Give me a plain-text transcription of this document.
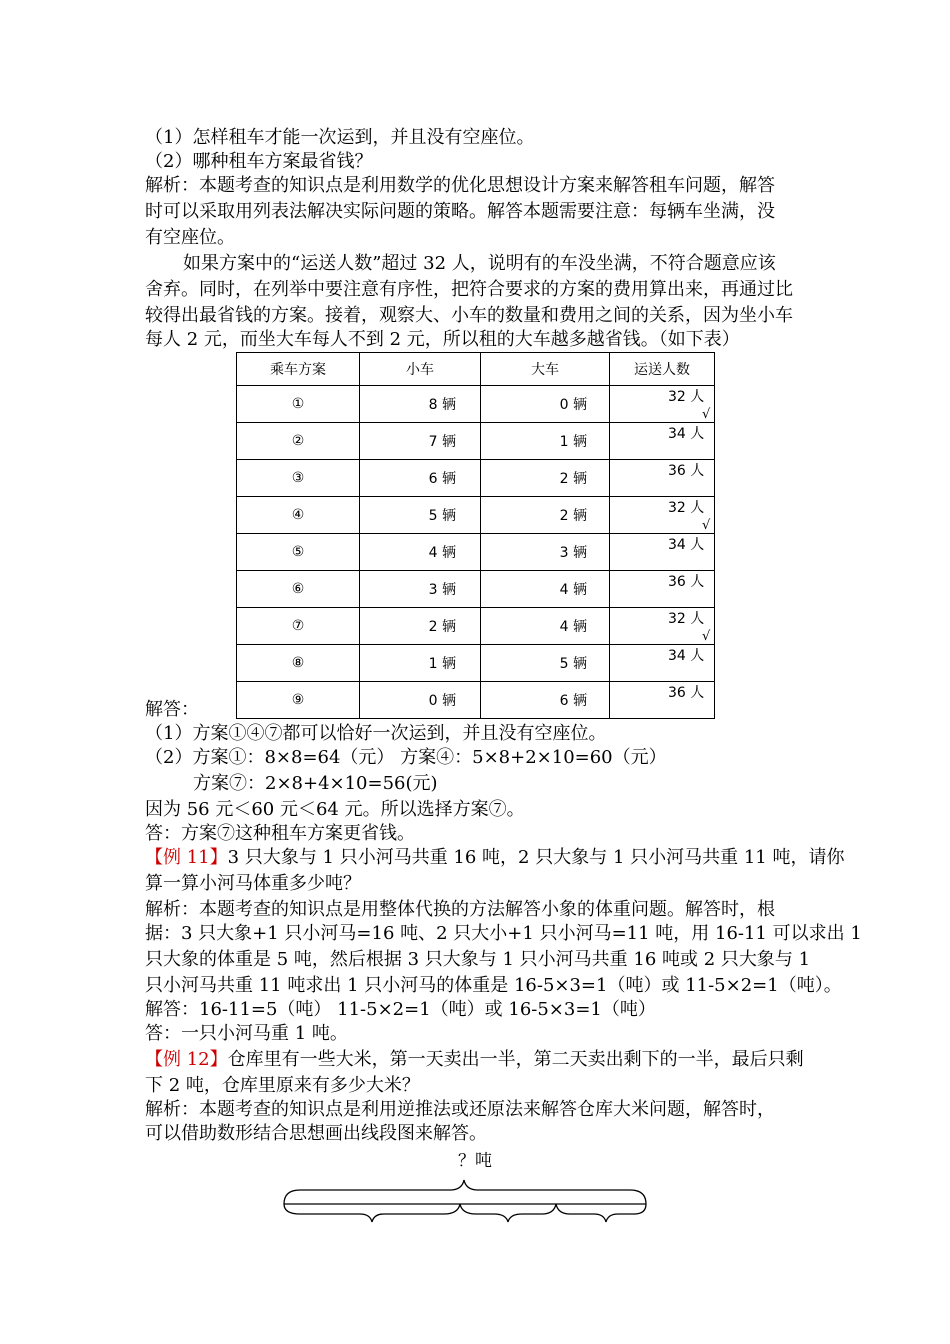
（1）怎样租车才能一次运到，并且没有空座位。
（2）哪种租车方案最省钱？
解析：本题考查的知识点是利用数学的优化思想设计方案来解答租车问题，解答
时可以采取用列表法解决实际问题的策略。解答本题需要注意：每辆车坐满，没
有空座位。
如果方案中的“运送人数”超过 32 人，说明有的车没坐满，不符合题意应该
舍弃。同时，在列举中要注意有序性，把符合要求的方案的费用算出来，再通过比
较得出最省钱的方案。接着，观察大、小车的数量和费用之间的关系，因为坐小车
每人 2 元，而坐大车每人不到 2 元，所以租的大车越多越省钱。（如下表）
乘车方案	小车	大车	运送人数
①	8 辆	0 辆	32 人√
②	7 辆	1 辆	34 人
③	6 辆	2 辆	36 人
④	5 辆	2 辆	32 人√
⑤	4 辆	3 辆	34 人
⑥	3 辆	4 辆	36 人
⑦	2 辆	4 辆	32 人√
⑧	1 辆	5 辆	34 人
⑨	0 辆	6 辆	36 人
解答：
（1）方案①④⑦都可以恰好一次运到，并且没有空座位。
（2）方案①：8×8=64（元） 方案④：5×8+2×10=60（元）
方案⑦：2×8+4×10=56(元)
因为 56 元＜60 元＜64 元。所以选择方案⑦。
答：方案⑦这种租车方案更省钱。
【例 11】3 只大象与 1 只小河马共重 16 吨，2 只大象与 1 只小河马共重 11 吨，请你
算一算小河马体重多少吨？
解析：本题考查的知识点是用整体代换的方法解答小象的体重问题。解答时，根
据：3 只大象+1 只小河马=16 吨、2 只大小+1 只小河马=11 吨，用 16-11 可以求出 1
只大象的体重是 5 吨，然后根据 3 只大象与 1 只小河马共重 16 吨或 2 只大象与 1
只小河马共重 11 吨求出 1 只小河马的体重是 16-5×3=1（吨）或 11-5×2=1（吨）。
解答：16-11=5（吨） 11-5×2=1（吨）或 16-5×3=1（吨）
答：一只小河马重 1 吨。
【例 12】仓库里有一些大米，第一天卖出一半，第二天卖出剩下的一半，最后只剩
下 2 吨，仓库里原来有多少大米？
解析：本题考查的知识点是利用逆推法或还原法来解答仓库大米问题，解答时，
可以借助数形结合思想画出线段图来解答。
？吨
